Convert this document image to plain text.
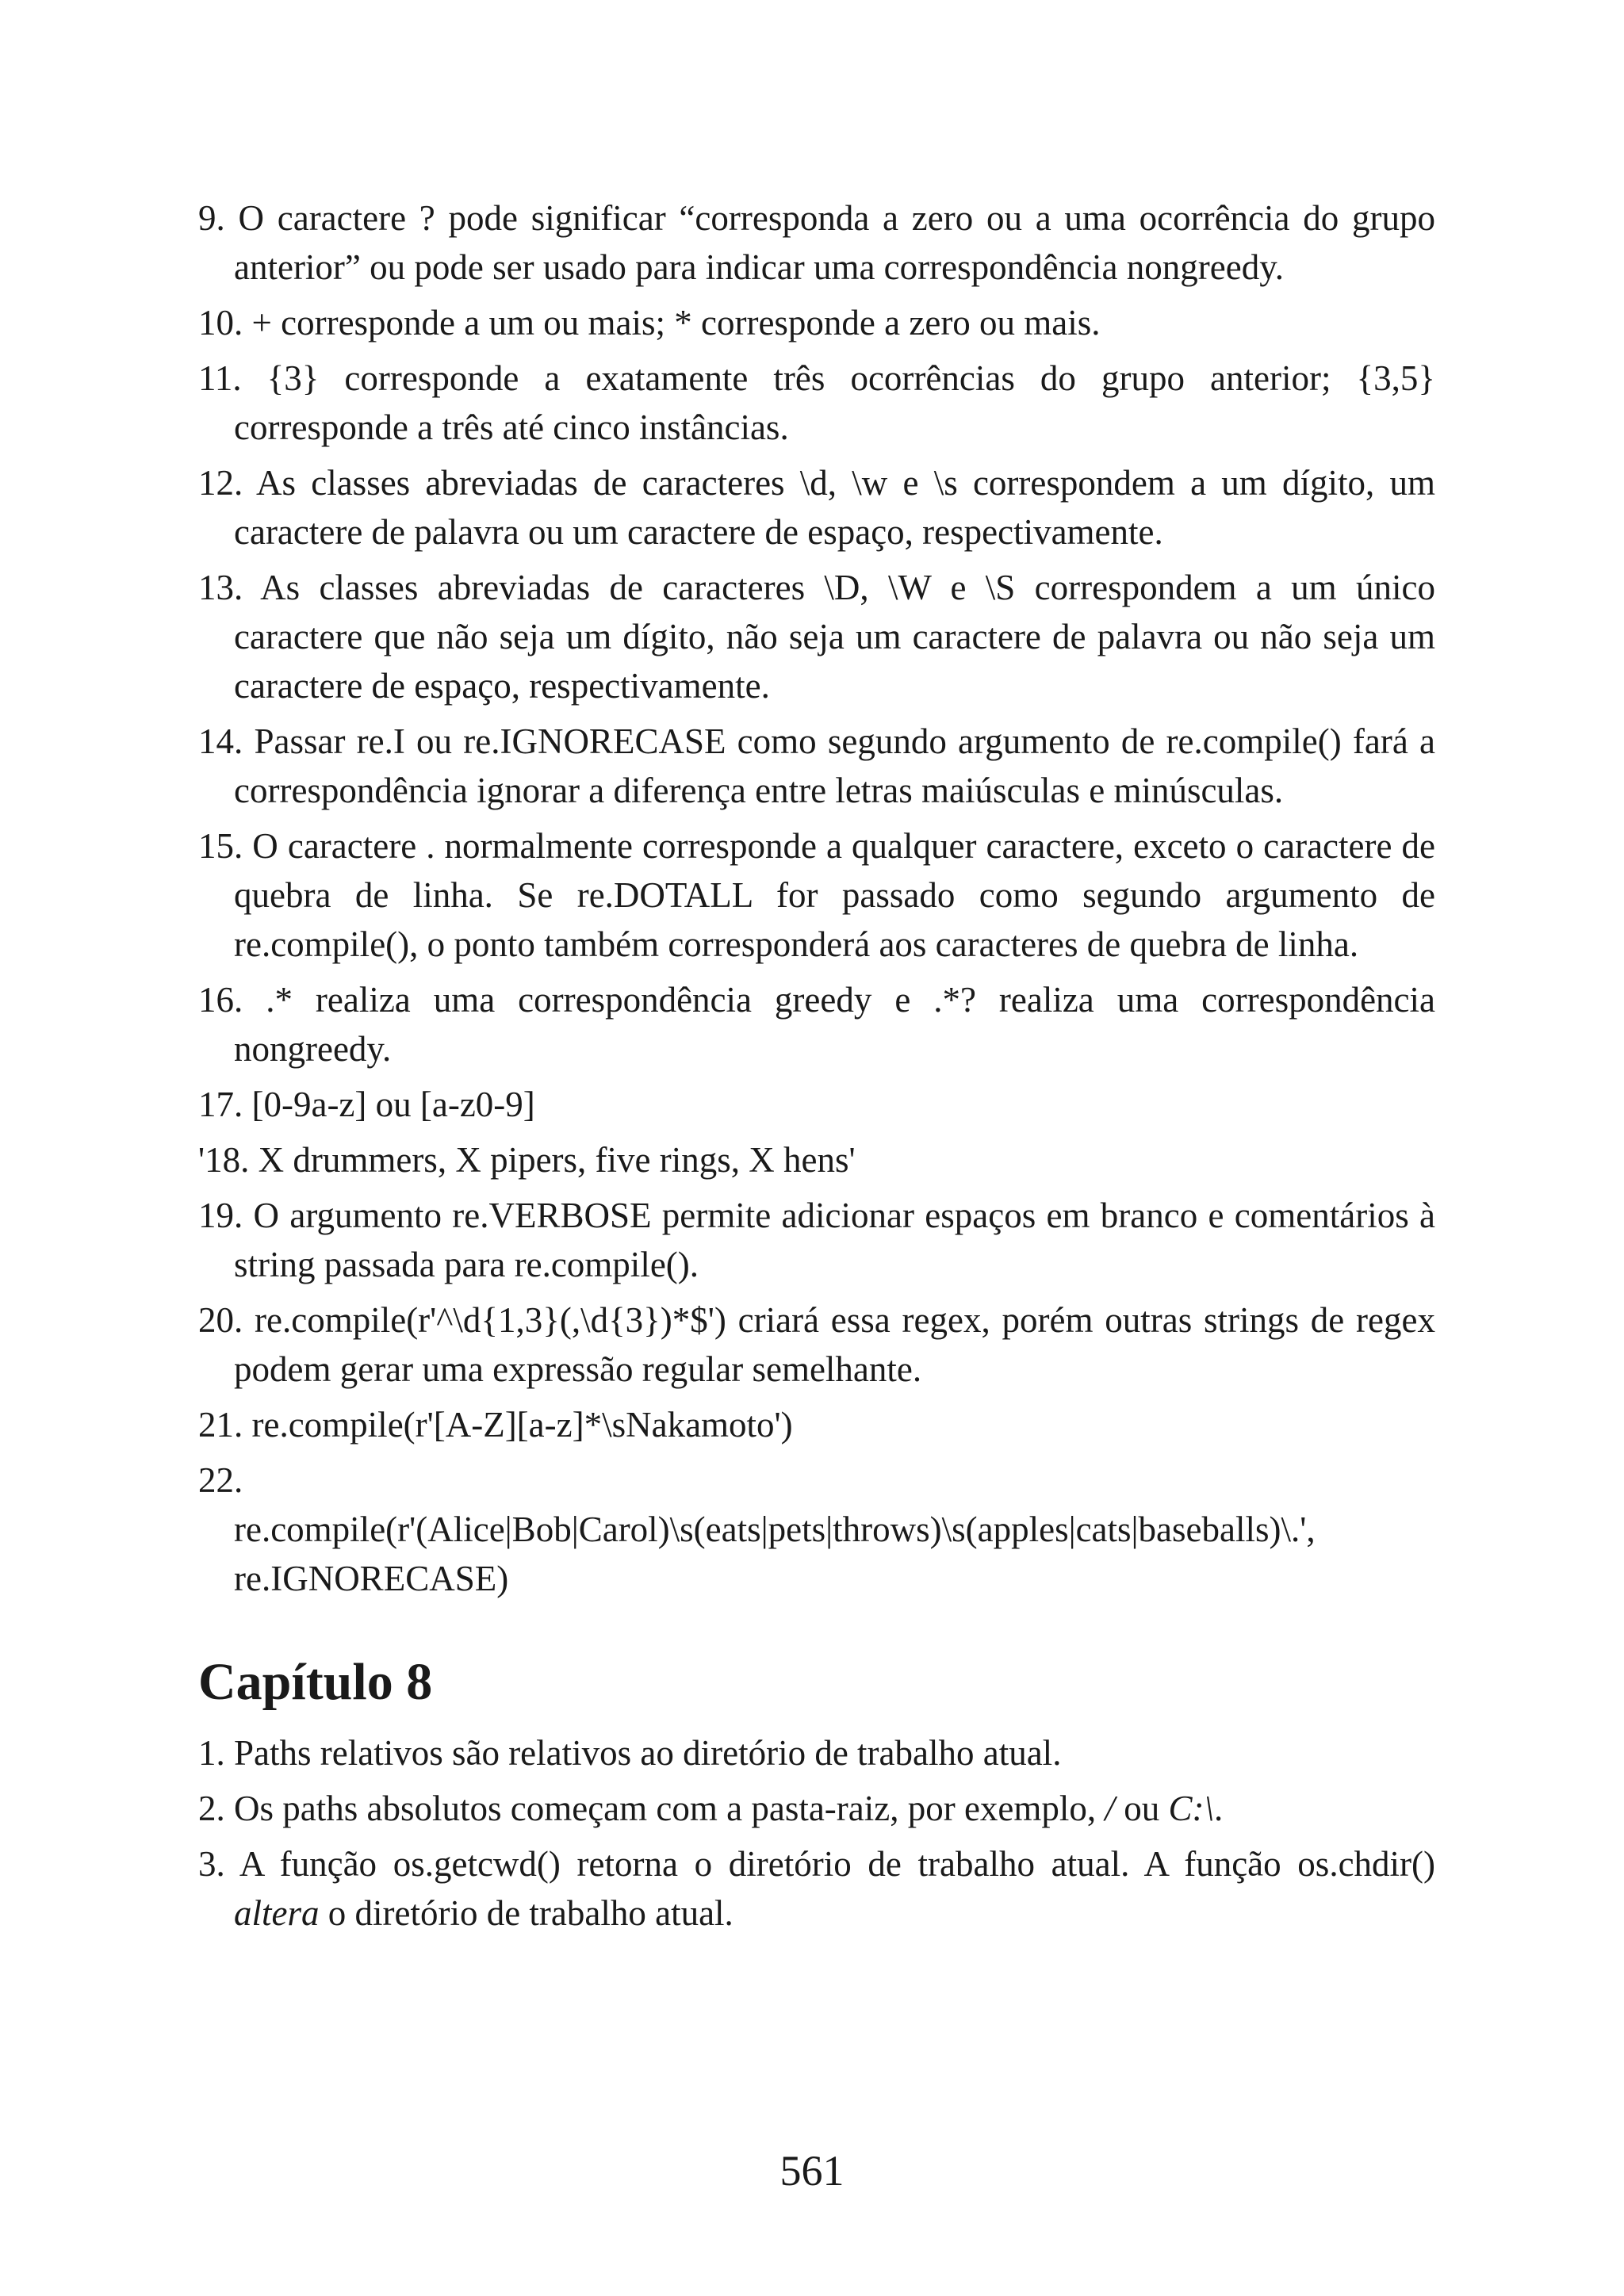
9. O caractere ? pode significar “corresponda a zero ou a uma ocorrência do grupo anterior” ou pode ser usado para indicar uma correspondência nongreedy.

10. + corresponde a um ou mais; * corresponde a zero ou mais.

11. {3} corresponde a exatamente três ocorrências do grupo anterior; {3,5} corresponde a três até cinco instâncias.

12. As classes abreviadas de caracteres \d, \w e \s correspondem a um dígito, um caractere de palavra ou um caractere de espaço, respectivamente.

13. As classes abreviadas de caracteres \D, \W e \S correspondem a um único caractere que não seja um dígito, não seja um caractere de palavra ou não seja um caractere de espaço, respectivamente.

14. Passar re.I ou re.IGNORECASE como segundo argumento de re.compile() fará a correspondência ignorar a diferença entre letras maiúsculas e minúsculas.

15. O caractere . normalmente corresponde a qualquer caractere, exceto o caractere de quebra de linha. Se re.DOTALL for passado como segundo argumento de re.compile(), o ponto também corresponderá aos caracteres de quebra de linha.

16. .* realiza uma correspondência greedy e .*? realiza uma correspondência nongreedy.

17. [0-9a-z] ou [a-z0-9]

'18. X drummers, X pipers, five rings, X hens'

19. O argumento re.VERBOSE permite adicionar espaços em branco e comentários à string passada para re.compile().

20. re.compile(r'^\d{1,3}(,\d{3})*$') criará essa regex, porém outras strings de regex podem gerar uma expressão regular semelhante.

21. re.compile(r'[A-Z][a-z]*\sNakamoto')

22.
re.compile(r'(Alice|Bob|Carol)\s(eats|pets|throws)\s(apples|cats|baseballs)\.',
re.IGNORECASE)

Capítulo 8

1. Paths relativos são relativos ao diretório de trabalho atual.

2. Os paths absolutos começam com a pasta-raiz, por exemplo, / ou C:\.

3. A função os.getcwd() retorna o diretório de trabalho atual. A função os.chdir() altera o diretório de trabalho atual.

561
